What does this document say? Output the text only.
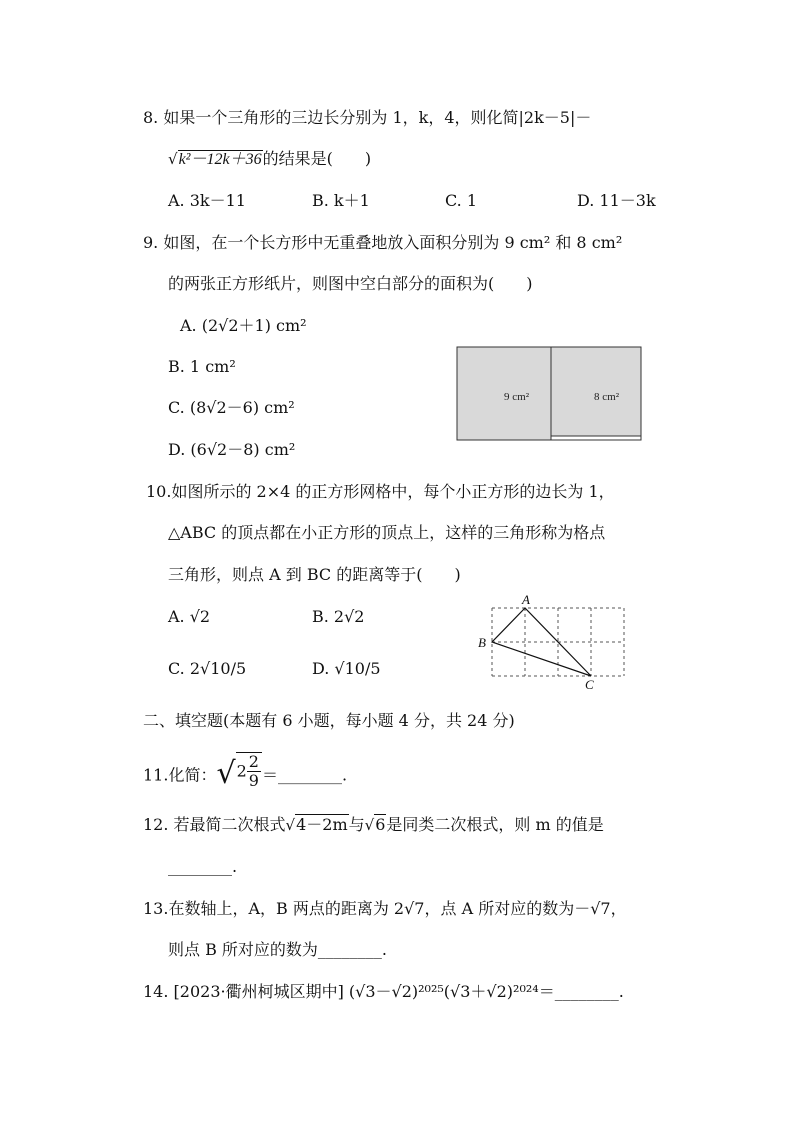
8. 如果一个三角形的三边长分别为 1，k，4，则化简|2k－5|－
√k²－12k＋36的结果是(　　)
A. 3k－11	B. k＋1	C. 1	D. 11－3k
9. 如图，在一个长方形中无重叠地放入面积分别为 9 cm² 和 8 cm²
的两张正方形纸片，则图中空白部分的面积为(　　)
A. (2√2＋1) cm²
B. 1 cm²
C. (8√2－6) cm²
D. (6√2－8) cm²
9 cm²	8 cm²
10.如图所示的 2×4 的正方形网格中，每个小正方形的边长为 1，
△ABC 的顶点都在小正方形的顶点上，这样的三角形称为格点
三角形，则点 A 到 BC 的距离等于(　　)
A. √2	B. 2√2
C. 2√10/5	D. √10/5
A
B
C
二、填空题(本题有 6 小题，每小题 4 分，共 24 分)
11.化简：$√2 \frac{2}{9}$ ＝________.
12. 若最简二次根式√4－2m与√6是同类二次根式，则 m 的值是
________.
13.在数轴上，A，B 两点的距离为 2√7，点 A 所对应的数为－√7，
则点 B 所对应的数为________.
14. [2023·衢州柯城区期中] (√3－√2)²⁰²⁵(√3＋√2)²⁰²⁴＝________.
